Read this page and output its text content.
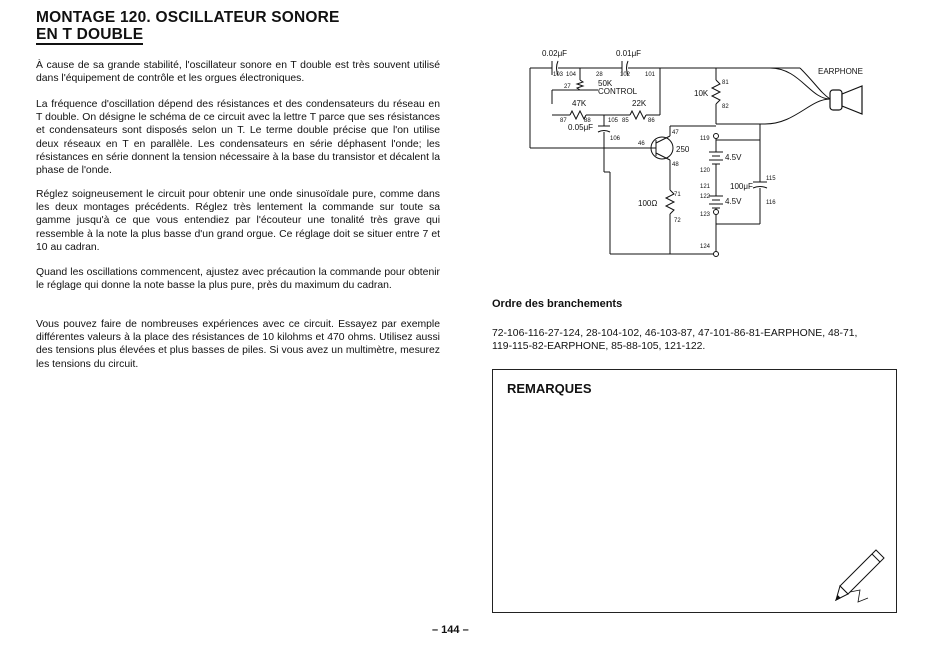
MONTAGE 120. OSCILLATEUR SONORE
EN T DOUBLE

À cause de sa grande stabilité, l'oscillateur sonore en T double est très souvent utilisé dans l'équipement de contrôle et les orgues électroniques.

La fréquence d'oscillation dépend des résistances et des condensateurs du réseau en T double. On désigne le schéma de ce circuit avec la lettre T parce que ses résistances et condensateurs sont disposés selon un T. Le terme double précise que l'on utilise deux réseaux en T en parallèle. Les condensateurs en série déphasent l'onde; les résistances en série donnent la tension nécessaire à la base du transistor et décalent la phase de l'onde.

Réglez soigneusement le circuit pour obtenir une onde sinusoïdale pure, comme dans les deux montages précédents. Réglez très lentement la commande sur toute sa gamme jusqu'à ce que vous entendiez par l'écouteur une tonalité très grave qui ressemble à la note la plus basse d'un grand orgue. Ce réglage doit se situer entre 7 et 10 au cadran.

Quand les oscillations commencent, ajustez avec précaution la commande pour obtenir le réglage qui donne la note basse la plus pure, près du maximum du cadran.

Vous pouvez faire de nombreuses expériences avec ce circuit. Essayez par exemple différentes valeurs à la place des résistances de 10 kilohms et 470 ohms. Utilisez aussi des tensions plus élevées et plus basses de piles. Si vous avez un multimètre, mesurez les tensions du circuit.

0.02μF	0.01μF
50K
CONTROL
47K	22K
0.05μF
250
10K
100Ω
4.5V
4.5V
100μF
EARPHONE
103 104	28	102 101
27
87	88	105 85	86
106
47
46
48
81
82
119
120
121
122
123
124
115
116
71
72
Ordre des branchements
72-106-116-27-124, 28-104-102, 46-103-87, 47-101-86-81-EARPHONE, 48-71,
119-115-82-EARPHONE, 85-88-105, 121-122.
REMARQUES
– 144 –
